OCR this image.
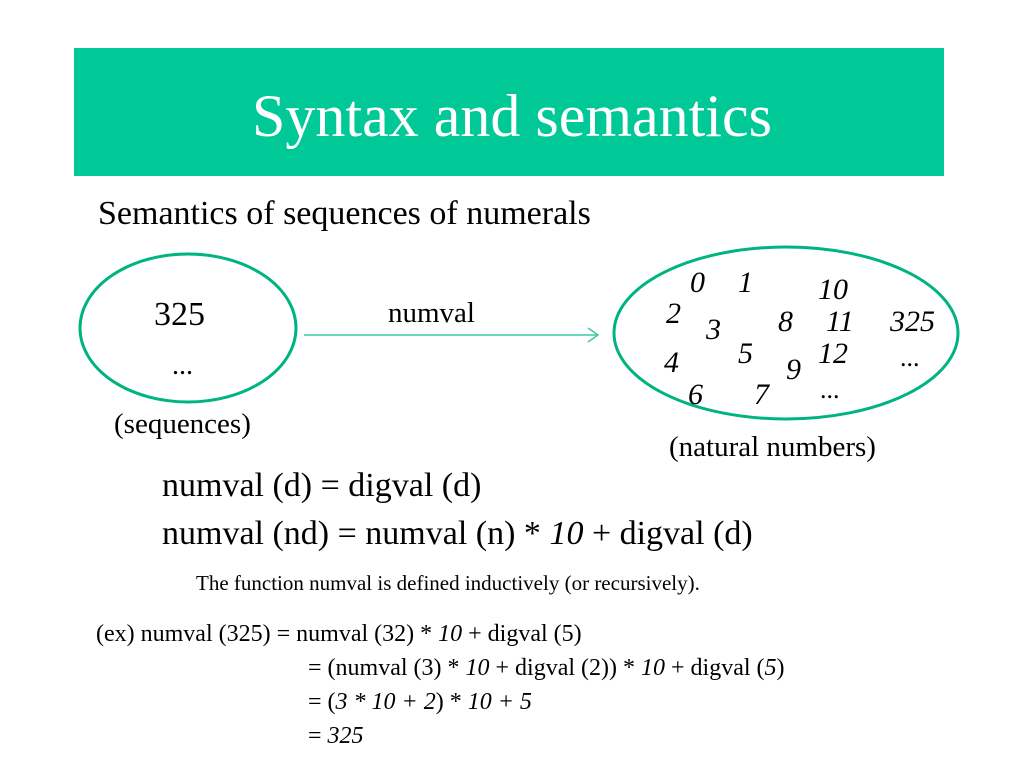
Syntax and semantics
Semantics of sequences of numerals
325
...
(sequences)
numval
0 1 10
2 3 8 11 325
5 12 ...
4	9
6 7 ...
(natural numbers)
numval (d) = digval (d)
numval (nd) = numval (n) * 10 + digval (d)
The function numval is defined inductively (or recursively).
(ex) numval (325) = numval (32) * 10 + digval (5)
= (numval (3) * 10 + digval (2)) * 10 + digval (5)
= (3 * 10 + 2) * 10 + 5
= 325
